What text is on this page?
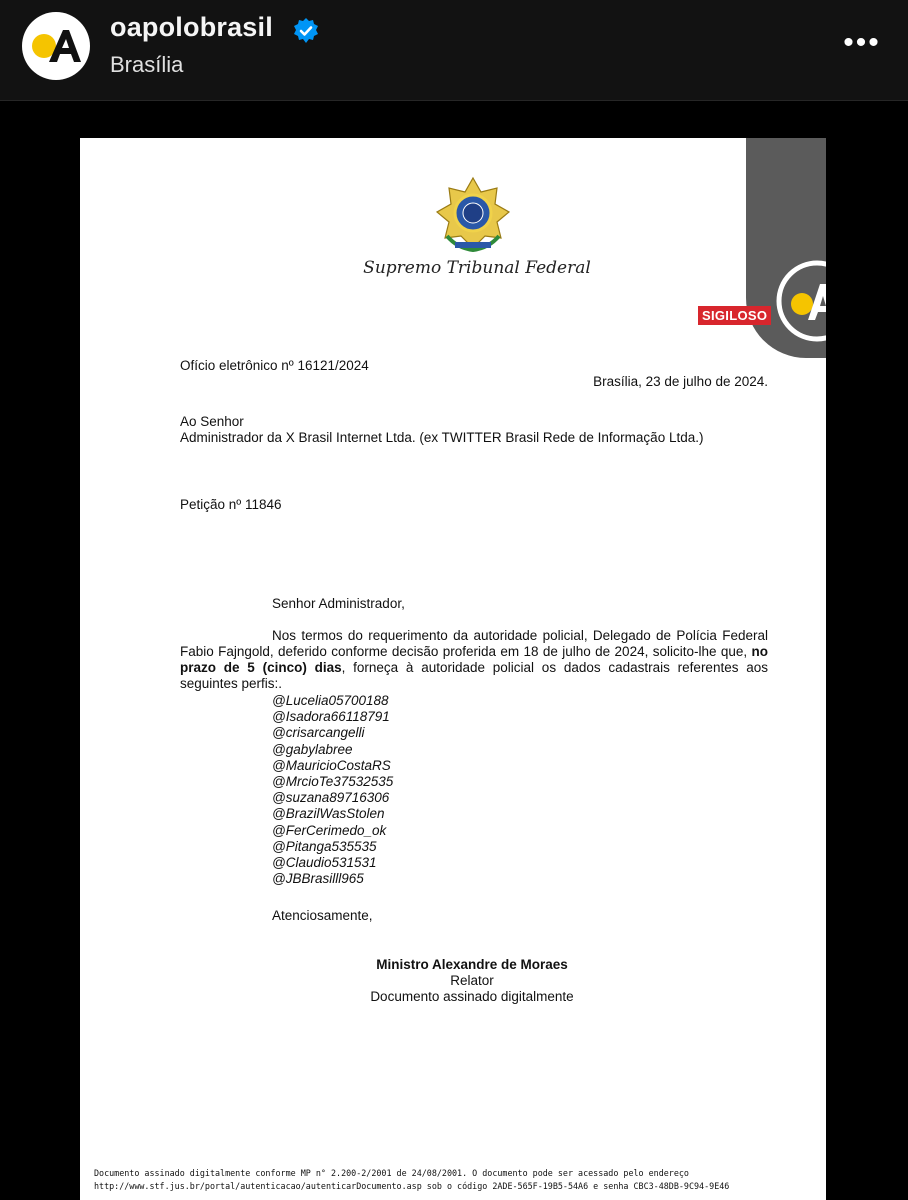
oapolobrasil
Brasília
•••
Supremo Tribunal Federal
SIGILOSO
Ofício eletrônico nº 16121/2024
Brasília, 23 de julho de 2024.
Ao Senhor
Administrador da X Brasil Internet Ltda. (ex TWITTER Brasil Rede de Informação Ltda.)
Petição nº 11846
Senhor Administrador,
Nos termos do requerimento da autoridade policial, Delegado de Polícia Federal Fabio Fajngold, deferido conforme decisão proferida em 18 de julho de 2024, solicito-lhe que, no prazo de 5 (cinco) dias, forneça à autoridade policial os dados cadastrais referentes aos seguintes perfis:.
@Lucelia05700188
@Isadora66118791
@crisarcangelli
@gabylabree
@MauricioCostaRS
@MrcioTe37532535
@suzana89716306
@BrazilWasStolen
@FerCerimedo_ok
@Pitanga535535
@Claudio531531
@JBBrasilll965
Atenciosamente,
Ministro Alexandre de Moraes
Relator
Documento assinado digitalmente
Documento assinado digitalmente conforme MP n° 2.200-2/2001 de 24/08/2001. O documento pode ser acessado pelo endereço
http://www.stf.jus.br/portal/autenticacao/autenticarDocumento.asp sob o código 2ADE-565F-19B5-54A6 e senha CBC3-48DB-9C94-9E46
